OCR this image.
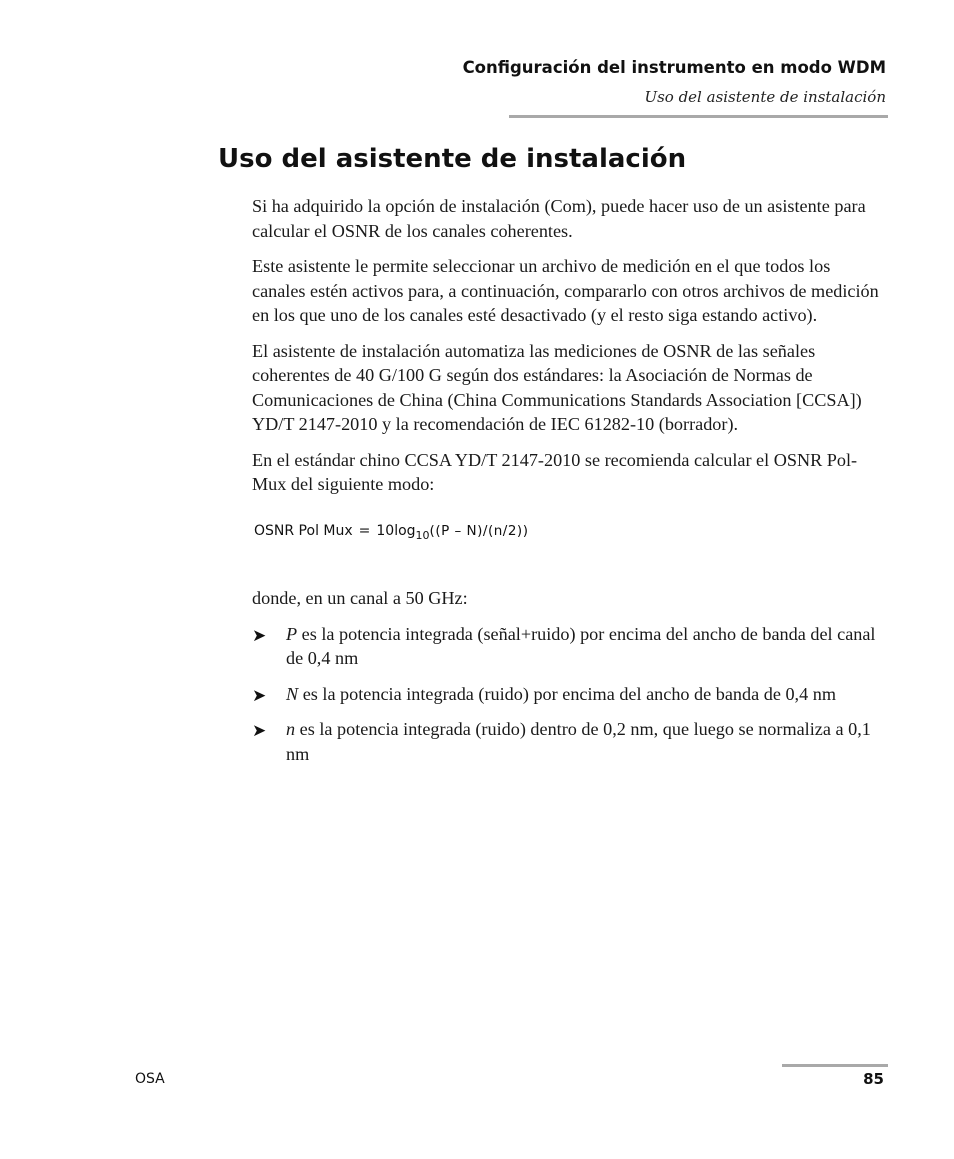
Configuración del instrumento en modo WDM
Uso del asistente de instalación
Uso del asistente de instalación

Si ha adquirido la opción de instalación (Com), puede hacer uso de un asistente para calcular el OSNR de los canales coherentes.

Este asistente le permite seleccionar un archivo de medición en el que todos los canales estén activos para, a continuación, compararlo con otros archivos de medición en los que uno de los canales esté desactivado (y el resto siga estando activo).

El asistente de instalación automatiza las mediciones de OSNR de las señales coherentes de 40 G/100 G según dos estándares: la Asociación de Normas de Comunicaciones de China (China Communications Standards Association [CCSA]) YD/T 2147-2010 y la recomendación de IEC 61282-10 (borrador).

En el estándar chino CCSA YD/T 2147-2010 se recomienda calcular el OSNR Pol-Mux del siguiente modo:

OSNR Pol Mux = $10\log_{10}((P - N)/(n/2))$

donde, en un canal a 50 GHz:

➤ P es la potencia integrada (señal+ruido) por encima del ancho de banda del canal de 0,4 nm
➤ N es la potencia integrada (ruido) por encima del ancho de banda de 0,4 nm
➤ n es la potencia integrada (ruido) dentro de 0,2 nm, que luego se normaliza a 0,1 nm
OSA	85
